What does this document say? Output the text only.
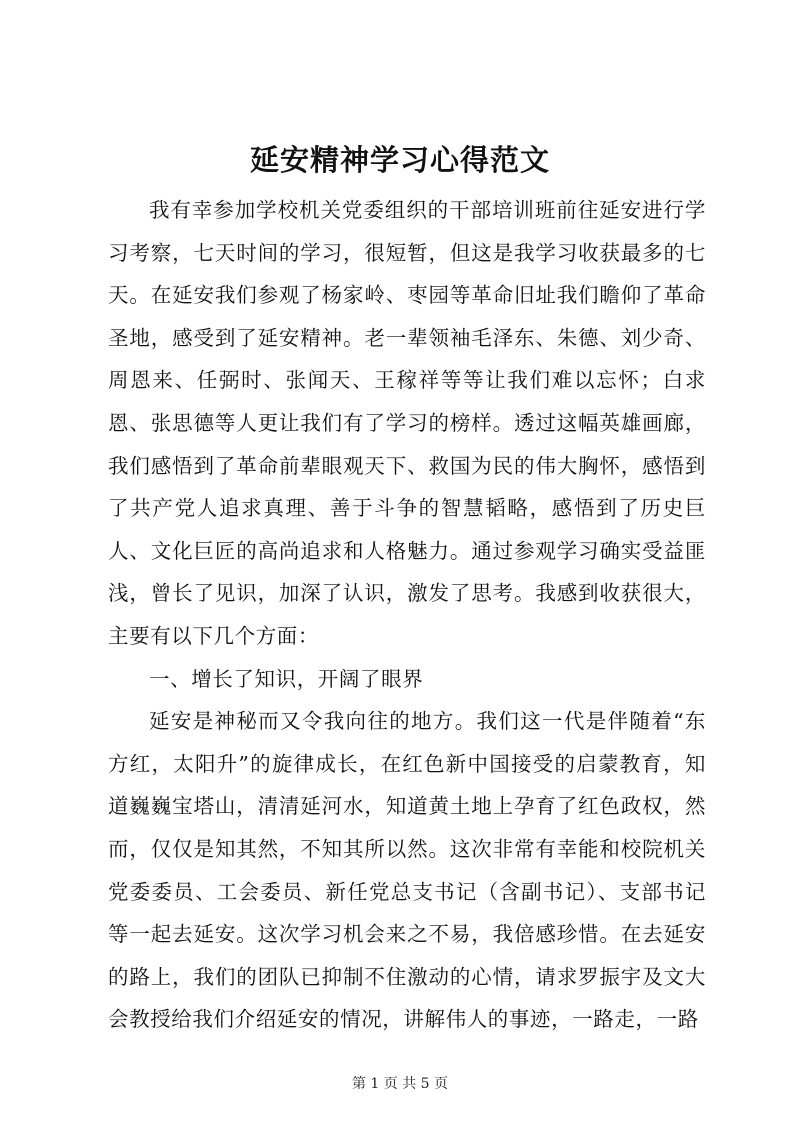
延安精神学习心得范文

我有幸参加学校机关党委组织的干部培训班前往延安进行学习考察，七天时间的学习，很短暂，但这是我学习收获最多的七天。在延安我们参观了杨家岭、枣园等革命旧址我们瞻仰了革命圣地，感受到了延安精神。老一辈领袖毛泽东、朱德、刘少奇、周恩来、任弼时、张闻天、王稼祥等等让我们难以忘怀；白求恩、张思德等人更让我们有了学习的榜样。透过这幅英雄画廊，我们感悟到了革命前辈眼观天下、救国为民的伟大胸怀，感悟到了共产党人追求真理、善于斗争的智慧韬略，感悟到了历史巨人、文化巨匠的高尚追求和人格魅力。通过参观学习确实受益匪浅，曾长了见识，加深了认识，激发了思考。我感到收获很大，主要有以下几个方面：

一、增长了知识，开阔了眼界

延安是神秘而又令我向往的地方。我们这一代是伴随着“东方红，太阳升”的旋律成长，在红色新中国接受的启蒙教育，知道巍巍宝塔山，清清延河水，知道黄土地上孕育了红色政权，然而，仅仅是知其然，不知其所以然。这次非常有幸能和校院机关党委委员、工会委员、新任党总支书记（含副书记）、支部书记等一起去延安。这次学习机会来之不易，我倍感珍惜。在去延安的路上，我们的团队已抑制不住激动的心情，请求罗振宇及文大会教授给我们介绍延安的情况，讲解伟人的事迹，一路走，一路

第 1 页 共 5 页
